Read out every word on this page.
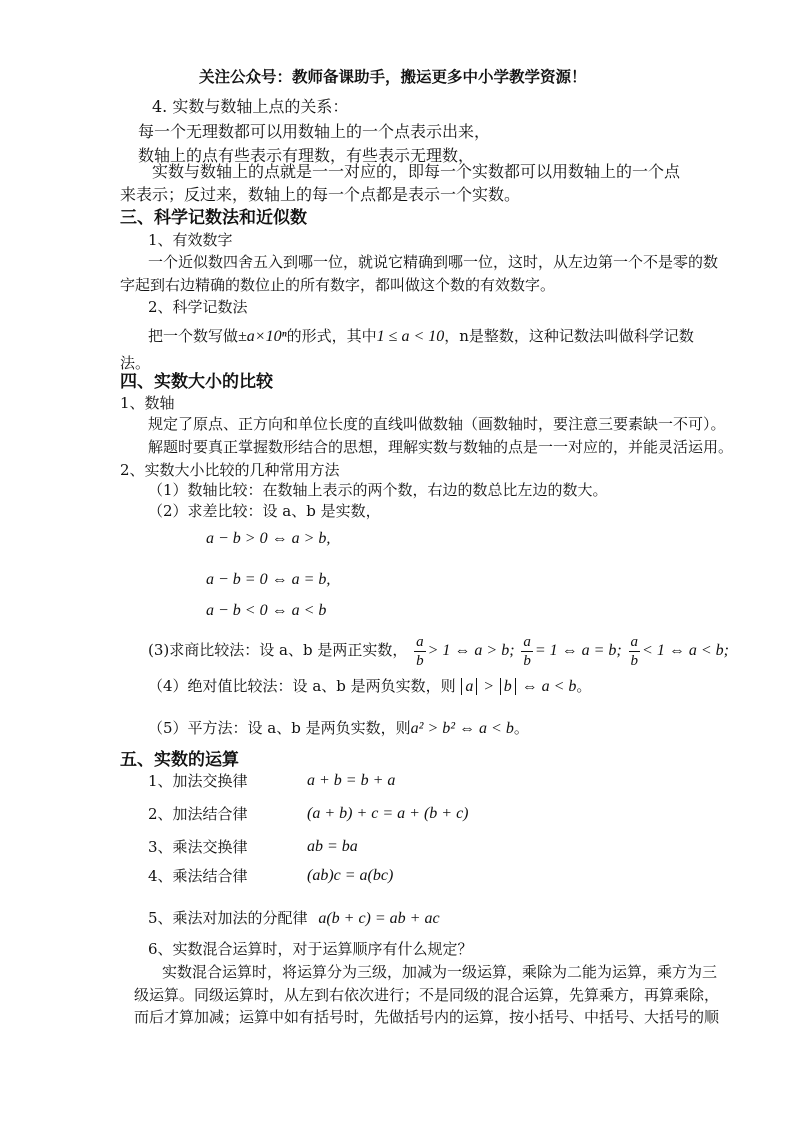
关注公众号：教师备课助手，搬运更多中小学教学资源！
4. 实数与数轴上点的关系：
每一个无理数都可以用数轴上的一个点表示出来，
数轴上的点有些表示有理数，有些表示无理数，
实数与数轴上的点就是一一对应的，即每一个实数都可以用数轴上的一个点
来表示；反过来，数轴上的每一个点都是表示一个实数。
三、科学记数法和近似数
1、有效数字
一个近似数四舍五入到哪一位，就说它精确到哪一位，这时，从左边第一个不是零的数
字起到右边精确的数位止的所有数字，都叫做这个数的有效数字。
2、科学记数法
把一个数写做±a×10ⁿ的形式，其中1 ≤ a < 10，n是整数，这种记数法叫做科学记数
法。
四、实数大小的比较
1、数轴
规定了原点、正方向和单位长度的直线叫做数轴（画数轴时，要注意三要素缺一不可）。
解题时要真正掌握数形结合的思想，理解实数与数轴的点是一一对应的，并能灵活运用。
2、实数大小比较的几种常用方法
（1）数轴比较：在数轴上表示的两个数，右边的数总比左边的数大。
（2）求差比较：设 a、b 是实数，
a − b > 0 ⇔ a > b,
a − b = 0 ⇔ a = b,
a − b < 0 ⇔ a < b
(3)求商比较法：设 a、b 是两正实数， $\frac{a}{b} > 1$ ⇔ a > b; $\frac{a}{b} = 1$ ⇔ a = b; $\frac{a}{b} < 1$ ⇔ a < b;
（4）绝对值比较法：设 a、b 是两负实数，则 a > b ⇔ a < b。
（5）平方法：设 a、b 是两负实数，则a² > b² ⇔ a < b。
五、实数的运算
1、加法交换律	a + b = b + a
2、加法结合律	(a + b) + c = a + (b + c)
3、乘法交换律	ab = ba
4、乘法结合律	(ab)c = a(bc)
5、乘法对加法的分配律 a(b + c) = ab + ac
6、实数混合运算时，对于运算顺序有什么规定？
实数混合运算时，将运算分为三级，加减为一级运算，乘除为二能为运算，乘方为三
级运算。同级运算时，从左到右依次进行；不是同级的混合运算，先算乘方，再算乘除，
而后才算加减；运算中如有括号时，先做括号内的运算，按小括号、中括号、大括号的顺
